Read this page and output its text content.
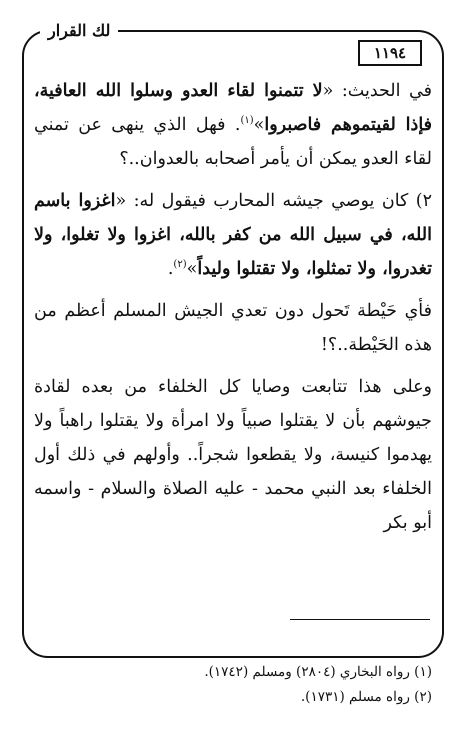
لك القرار
١١٩٤

في الحديث: «لا تتمنوا لقاء العدو وسلوا الله العافية، فإذا لقيتموهم فاصبروا»$^{(١)}$. فهل الذي ينهى عن تمني لقاء العدو يمكن أن يأمر أصحابه بالعدوان..؟

٢) كان يوصي جيشه المحارب فيقول له: «اغزوا باسم الله، في سبيل الله من كفر بالله، اغزوا ولا تغلوا، ولا تغدروا، ولا تمثلوا، ولا تقتلوا وليداً»$^{(٢)}$.

فأي حَيْطة تَحول دون تعدي الجيش المسلم أعظم من هذه الحَيْطة..؟!

وعلى هذا تتابعت وصايا كل الخلفاء من بعده لقادة جيوشهم بأن لا يقتلوا صبياً ولا امرأة ولا يقتلوا راهباً ولا يهدموا كنيسة، ولا يقطعوا شجراً.. وأولهم في ذلك أول الخلفاء بعد النبي محمد - عليه الصلاة والسلام - واسمه أبو بكر

(١) رواه البخاري (٢٨٠٤) ومسلم (١٧٤٢).

(٢) رواه مسلم (١٧٣١).
